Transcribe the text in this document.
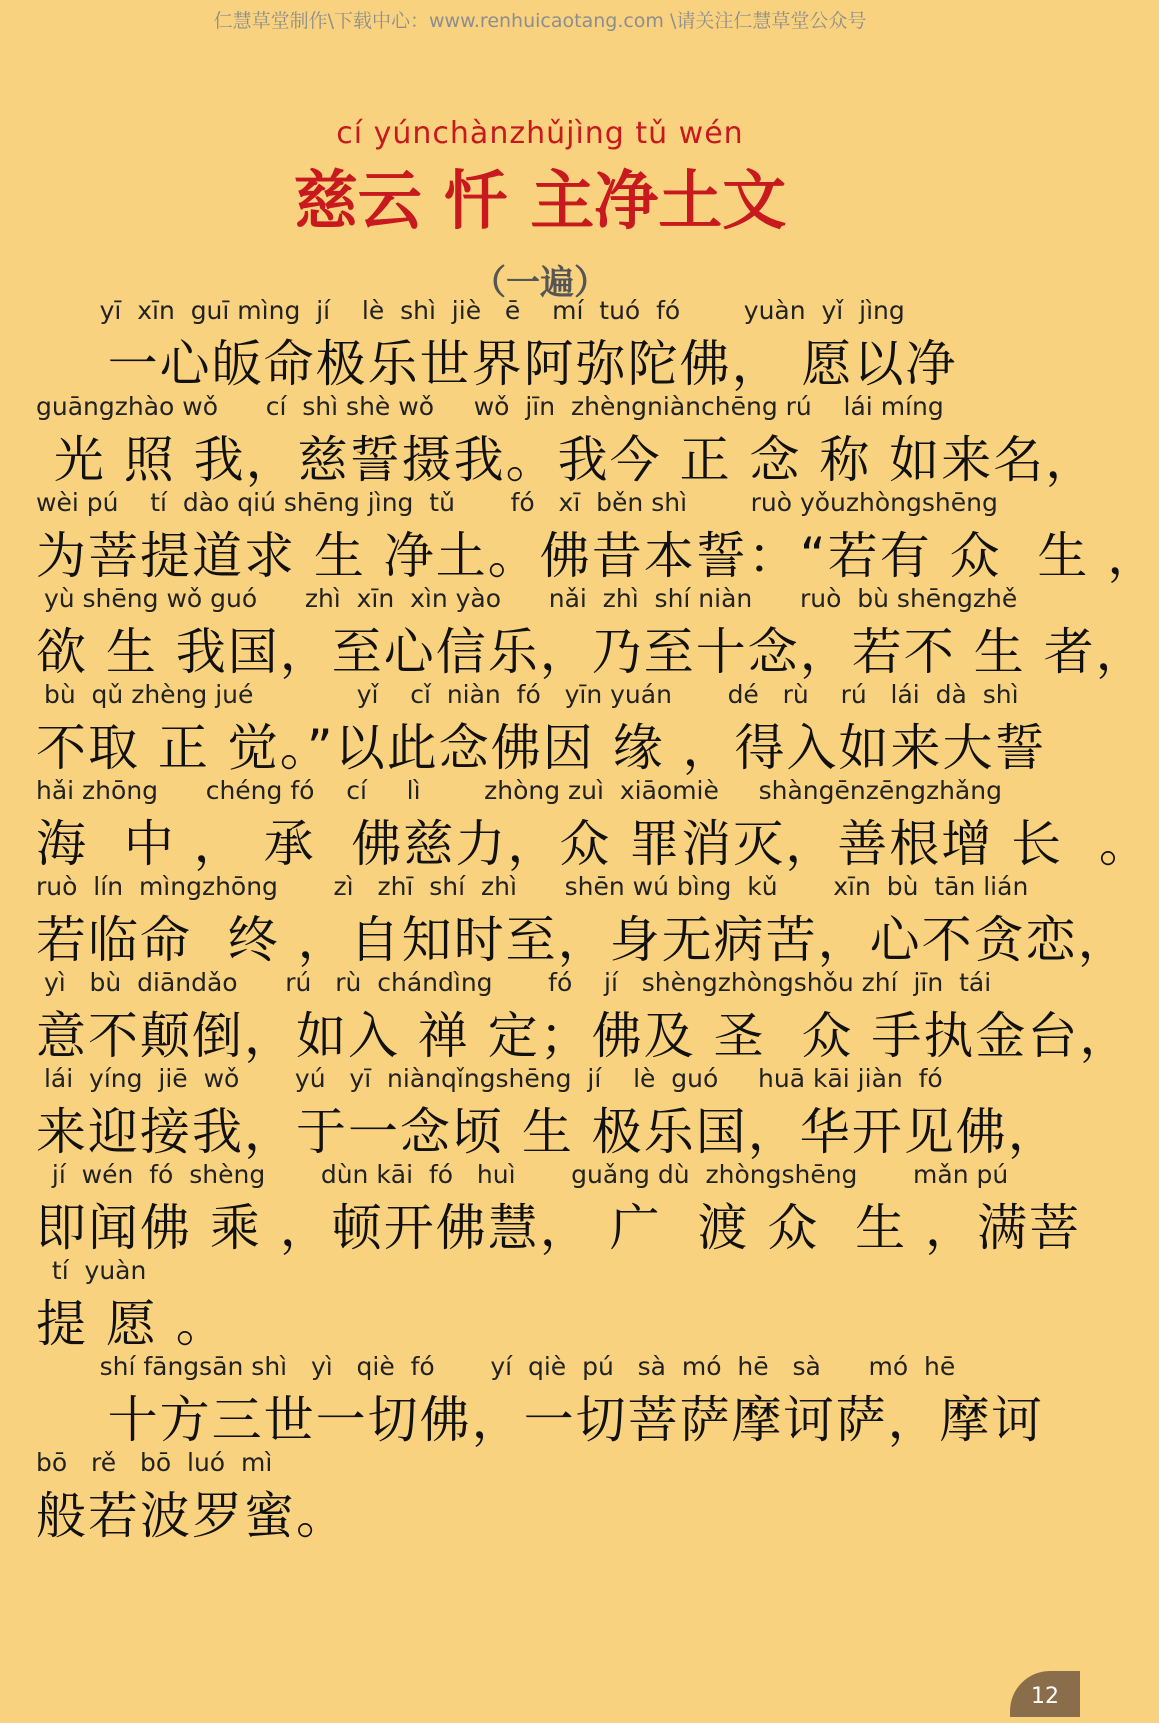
仁慧草堂制作\下载中心：www.renhuicaotang.com \请关注仁慧草堂公众号
cí yúnchànzhǔjìng tǔ wén
慈云 忏 主净土文
（一遍）
yī  xīn  guī mìng  jí    lè  shì  jiè   ē    mí  tuó  fó        yuàn  yǐ  jìng
一心皈命极乐世界阿弥陀佛， 愿以净
guāngzhào wǒ      cí  shì shè wǒ     wǒ  jīn  zhèngniànchēng rú    lái míng
光 照 我，慈誓摄我。我今 正 念 称 如来名，
wèi pú    tí  dào qiú shēng jìng  tǔ       fó   xī  běn shì        ruò yǒuzhòngshēng
为菩提道求 生 净土。佛昔本誓：“若有 众  生 ，
yù shēng wǒ guó      zhì  xīn  xìn yào      nǎi  zhì  shí niàn      ruò  bù shēngzhě
欲 生 我国，至心信乐，乃至十念，若不 生 者，
bù  qǔ zhèng jué             yǐ    cǐ  niàn  fó   yīn yuán       dé   rù    rú   lái  dà  shì
不取 正 觉。”以此念佛因 缘 ，得入如来大誓
hǎi zhōng      chéng fó    cí     lì        zhòng zuì  xiāomiè     shàngēnzēngzhǎng
海  中 ， 承  佛慈力，众 罪消灭，善根增 长  。
ruò  lín  mìngzhōng       zì   zhī  shí  zhì      shēn wú bìng  kǔ       xīn  bù  tān lián
若临命  终 ，自知时至，身无病苦，心不贪恋，
yì   bù  diāndǎo      rú   rù  chándìng       fó    jí   shèngzhòngshǒu zhí  jīn  tái
意不颠倒，如入 禅 定；佛及 圣  众 手执金台，
lái  yíng  jiē  wǒ       yú   yī  niànqǐngshēng  jí    lè  guó     huā kāi jiàn  fó
来迎接我，于一念顷 生 极乐国，华开见佛，
jí  wén  fó  shèng       dùn kāi  fó   huì       guǎng dù  zhòngshēng       mǎn pú
即闻佛 乘 ，顿开佛慧， 广  渡 众  生 ，满菩
tí  yuàn
提 愿 。
shí fāngsān shì   yì   qiè  fó       yí  qiè  pú   sà  mó  hē   sà      mó  hē
十方三世一切佛，一切菩萨摩诃萨，摩诃
bō   rě   bō  luó  mì
般若波罗蜜。
12
